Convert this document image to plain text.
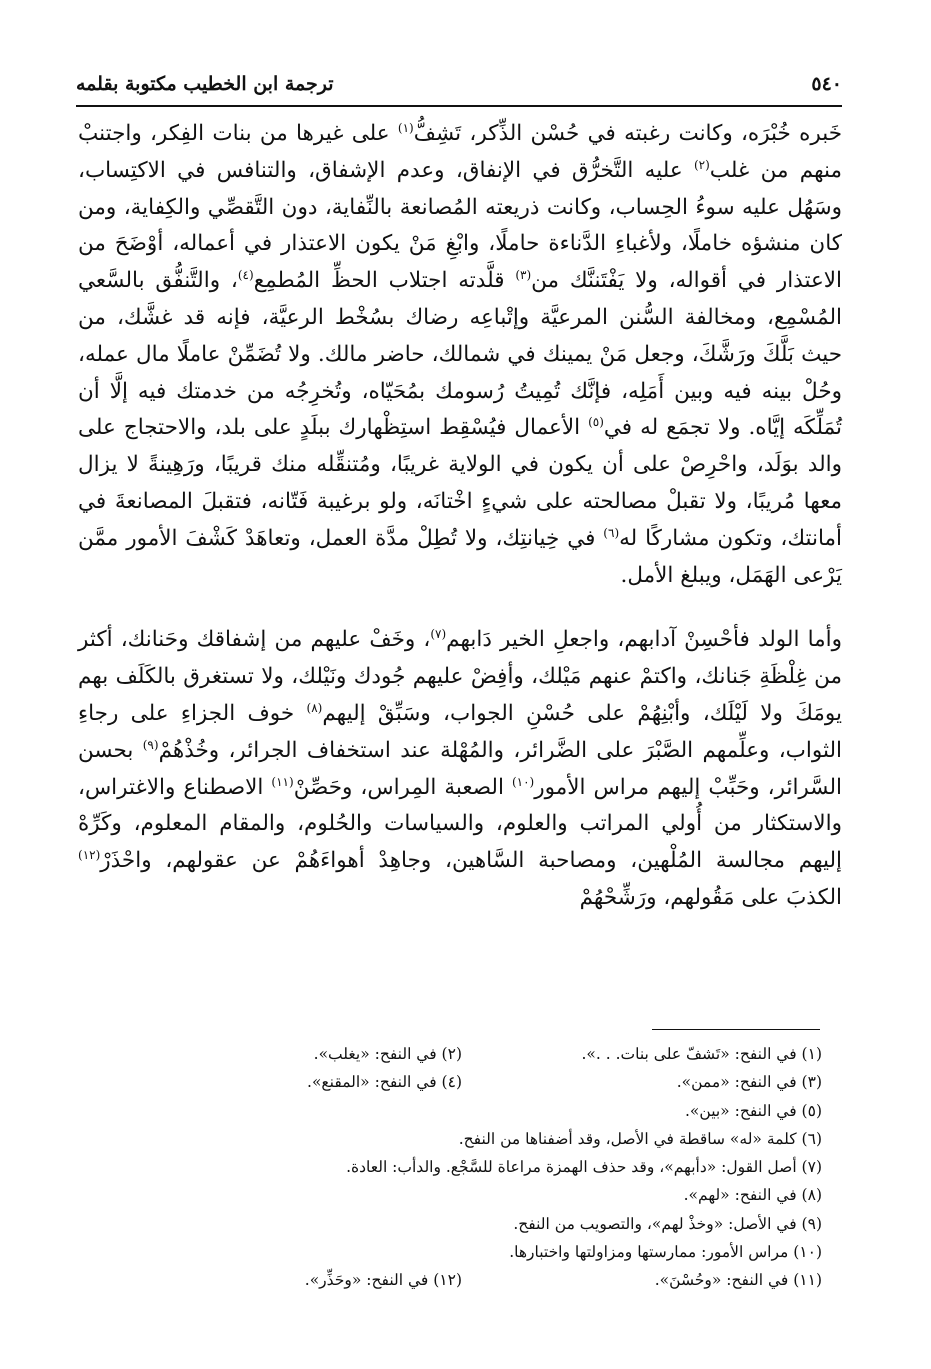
٥٤٠
ترجمة ابن الخطيب مكتوبة بقلمه

خَبره خُبْرَه، وكانت رغبته في حُسْن الذِّكر، تَشِفُّ$^{(١)}$ على غيرها من بنات الفِكر، واجتنبْ منهم من غلب$^{(٢)}$ عليه التَّخرُّق في الإنفاق، وعدم الإشفاق، والتنافس في الاكتِساب، وسَهُل عليه سوءُ الحِساب، وكانت ذريعته المُصانعة بالنِّفاية، دون التَّقصِّي والكِفاية، ومن كان منشؤه خاملًا، ولأغباءِ الدَّناءة حاملًا، وابْغِ مَنْ يكون الاعتذار في أعماله، أوْضَحَ من الاعتذار في أقواله، ولا يَفْتَننَّك من$^{(٣)}$ قلَّدته اجتلاب الحظِّ المُطمِع$^{(٤)}$، والتَّنفُّق بالسَّعي المُسْمِع، ومخالفة السُّنن المرعيَّة وإتْباعِه رضاك بسُخْط الرعيَّة، فإنه قد غشَّك، من حيث بَلَّكَ ورَشَّكَ، وجعل مَنْ يمينك في شمالك، حاضر مالك. ولا تُضَمِّنْ عاملًا مال عمله، وحُلْ بينه فيه وبين أَمَلِه، فإنَّك تُمِيتُ رُسومك بمُحَيّاه، وتُخرِجُه من خدمتك فيه إلَّا أن تُمَلِّكَه إيَّاه. ولا تجمَع له في$^{(٥)}$ الأعمال فيُسْقِط استِظْهارك ببلَدٍ على بلد، والاحتجاج على والد بوَلَد، واحْرِصْ على أن يكون في الولاية غريبًا، ومُتنقِّله منك قريبًا، ورَهِينةً لا يزال معها مُريبًا، ولا تقبلْ مصالحته على شيءٍ اخْتانَه، ولو برغيبة فَتّانه، فتقبلَ المصانعةَ في أمانتك، وتكون مشاركًا له$^{(٦)}$ في خِيانتِك، ولا تُطِلْ مدَّة العمل، وتعاهَدْ كَشْفَ الأمور ممَّن يَرْعى الهَمَل، ويبلغ الأمل.

وأما الولد فأحْسِنْ آدابهم، واجعلِ الخير دَابهم$^{(٧)}$، وخَفْ عليهم من إشفاقك وحَنانك، أكثر من غِلْظَةِ جَنانك، واكتمْ عنهم مَيْلك، وأفِضْ عليهم جُودك ونَيْلك، ولا تستغرق بالكَلَف بهم يومَكَ ولا لَيْلَك، وأبْنِهُمْ على حُسْنِ الجواب، وسَبِّقْ إليهم$^{(٨)}$ خوف الجزاءِ على رجاءِ الثواب، وعلِّمهم الصَّبْرَ على الضَّرائر، والمُهْلة عند استخفاف الجرائر، وخُذْهُمْ$^{(٩)}$ بحسن السَّرائر، وحَبِّبْ إليهم مراس الأمور$^{(١٠)}$ الصعبة المِراس، وحَصِّنْ$^{(١١)}$ الاصطناع والاغتراس، والاستكثار من أُولي المراتب والعلوم، والسياسات والحُلوم، والمقام المعلوم، وكَرِّهْ إليهم مجالسة المُلْهين، ومصاحبة السَّاهين، وجاهِدْ أهواءَهُمْ عن عقولهم، واحْذَرْ$^{(١٢)}$ الكذبَ على مَقُولهم، ورَشِّحْهُمْ

(١) في النفح: «تَشفّ على بنات. . .».
(٢) في النفح: «يغلب».
(٣) في النفح: «ممن».
(٤) في النفح: «المقنع».
(٥) في النفح: «بين».
(٦) كلمة «له» ساقطة في الأصل، وقد أضفناها من النفح.
(٧) أصل القول: «دأبهم»، وقد حذف الهمزة مراعاة للسَّجْع. والدأب: العادة.
(٨) في النفح: «لهم».
(٩) في الأصل: «وخذْ لهم»، والتصويب من النفح.
(١٠) مراس الأمور: ممارستها ومزاولتها واختبارها.
(١١) في النفح: «وحُسْنَ».
(١٢) في النفح: «وحَذِّر».
